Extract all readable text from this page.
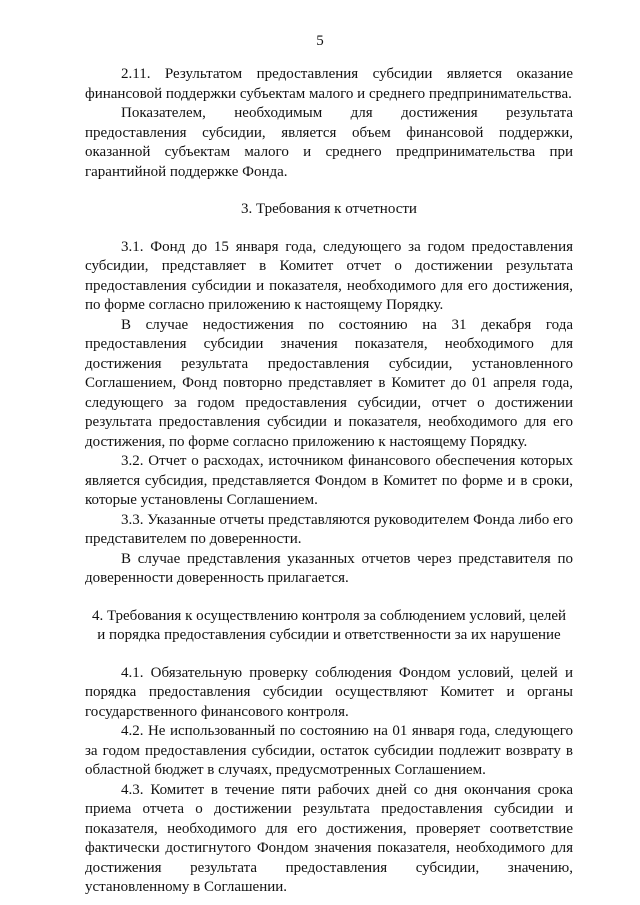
5

2.11. Результатом предоставления субсидии является оказание финансовой поддержки субъектам малого и среднего предпринимательства.

Показателем, необходимым для достижения результата предоставления субсидии, является объем финансовой поддержки, оказанной субъектам малого и среднего предпринимательства при гарантийной поддержке Фонда.

3. Требования к отчетности

3.1. Фонд до 15 января года, следующего за годом предоставления субсидии, представляет в Комитет отчет о достижении результата предоставления субсидии и показателя, необходимого для его достижения, по форме согласно приложению к настоящему Порядку.

В случае недостижения по состоянию на 31 декабря года предоставления субсидии значения показателя, необходимого для достижения результата предоставления субсидии, установленного Соглашением, Фонд повторно представляет в Комитет до 01 апреля года, следующего за годом предоставления субсидии, отчет о достижении результата предоставления субсидии и показателя, необходимого для его достижения, по форме согласно приложению к настоящему Порядку.

3.2. Отчет о расходах, источником финансового обеспечения которых является субсидия, представляется Фондом в Комитет по форме и в сроки, которые установлены Соглашением.

3.3. Указанные отчеты представляются руководителем Фонда либо его представителем по доверенности.

В случае представления указанных отчетов через представителя по доверенности доверенность прилагается.

4. Требования к осуществлению контроля за соблюдением условий, целей

и порядка предоставления субсидии и ответственности за их нарушение

4.1. Обязательную проверку соблюдения Фондом условий, целей и порядка предоставления субсидии осуществляют Комитет и органы государственного финансового контроля.

4.2. Не использованный по состоянию на 01 января года, следующего за годом предоставления субсидии, остаток субсидии подлежит возврату в областной бюджет в случаях, предусмотренных Соглашением.

4.3. Комитет в течение пяти рабочих дней со дня окончания срока приема отчета о достижении результата предоставления субсидии и показателя, необходимого для его достижения, проверяет соответствие фактически достигнутого Фондом значения показателя, необходимого для достижения результата предоставления субсидии, значению, установленному в Соглашении.
